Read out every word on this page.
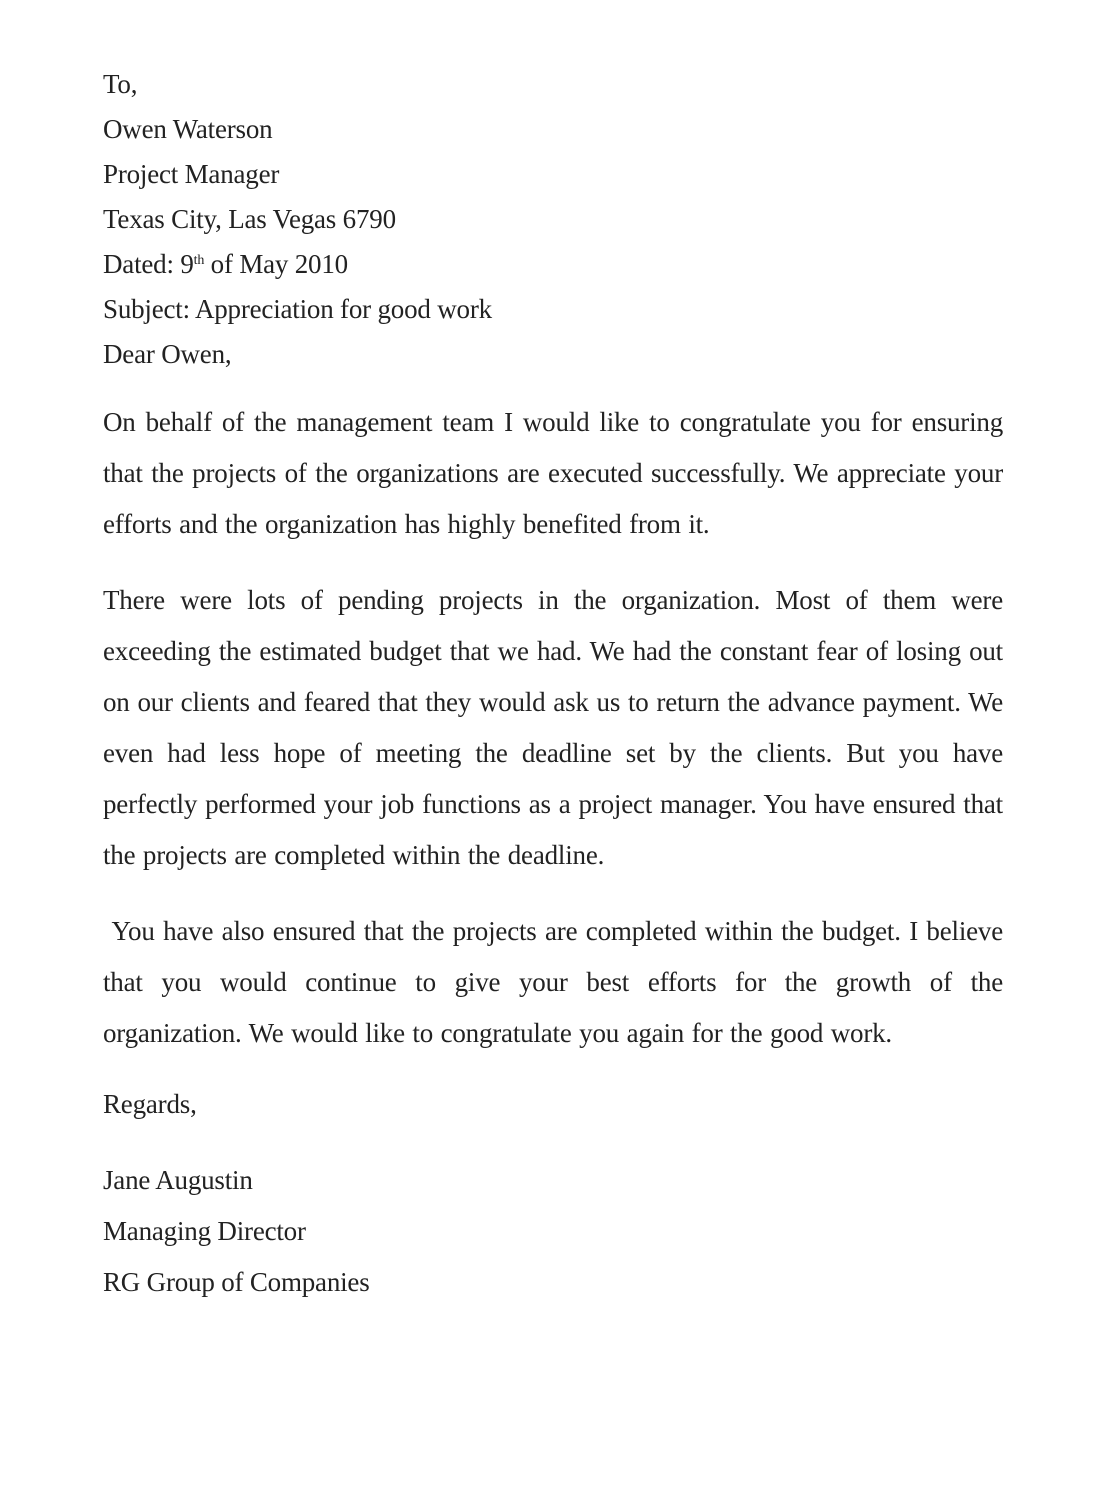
To,
Owen Waterson
Project Manager
Texas City, Las Vegas 6790
Dated: 9th of May 2010
Subject: Appreciation for good work
Dear Owen,

On behalf of the management team I would like to congratulate you for ensuring that the projects of the organizations are executed successfully. We appreciate your efforts and the organization has highly benefited from it.

There were lots of pending projects in the organization. Most of them were exceeding the estimated budget that we had. We had the constant fear of losing out on our clients and feared that they would ask us to return the advance payment. We even had less hope of meeting the deadline set by the clients. But you have perfectly performed your job functions as a project manager. You have ensured that the projects are completed within the deadline.

You have also ensured that the projects are completed within the budget. I believe that you would continue to give your best efforts for the growth of the organization. We would like to congratulate you again for the good work.

Regards,
Jane Augustin
Managing Director
RG Group of Companies
